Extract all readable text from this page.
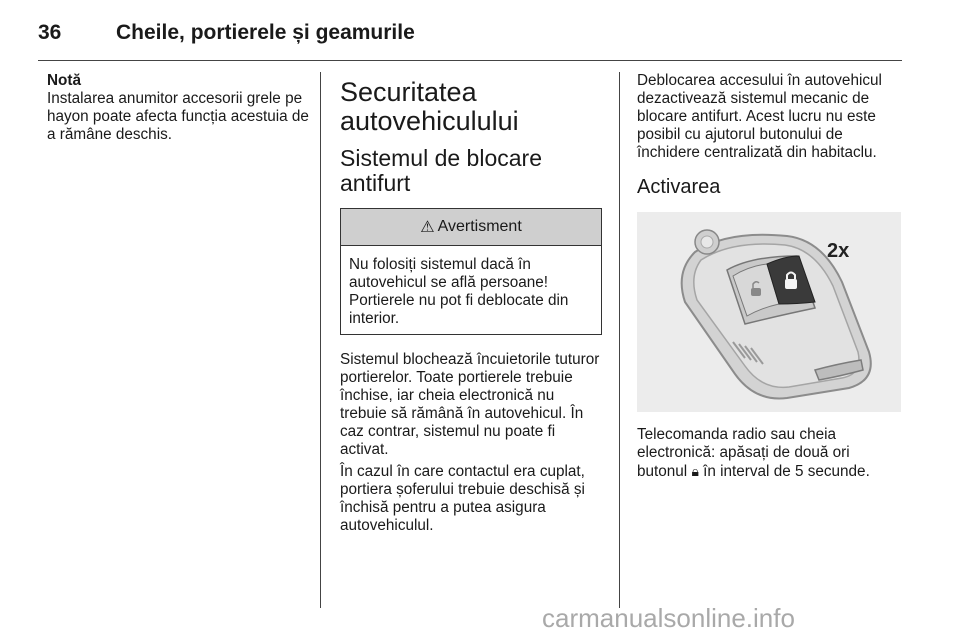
36	Cheile, portierele și geamurile

Notă

Instalarea anumitor accesorii grele pe hayon poate afecta funcția acestuia de a rămâne deschis.

Securitatea autovehiculului
Sistemul de blocare antifurt
⚠ Avertisment

Nu folosiți sistemul dacă în autovehicul se află persoane! Portierele nu pot fi deblocate din interior.

Sistemul blochează încuietorile tuturor portierelor. Toate portierele trebuie închise, iar cheia electronică nu trebuie să rămână în autovehicul. În caz contrar, sistemul nu poate fi activat.

În cazul în care contactul era cuplat, portiera șoferului trebuie deschisă și închisă pentru a putea asigura autovehiculul.

Deblocarea accesului în autovehicul dezactivează sistemul mecanic de blocare antifurt. Acest lucru nu este posibil cu ajutorul butonului de închidere centralizată din habitaclu.

Activarea
2x

Telecomanda radio sau cheia electronică: apăsați de două ori butonul 🔒︎ în interval de 5 secunde.

carmanualsonline.info
